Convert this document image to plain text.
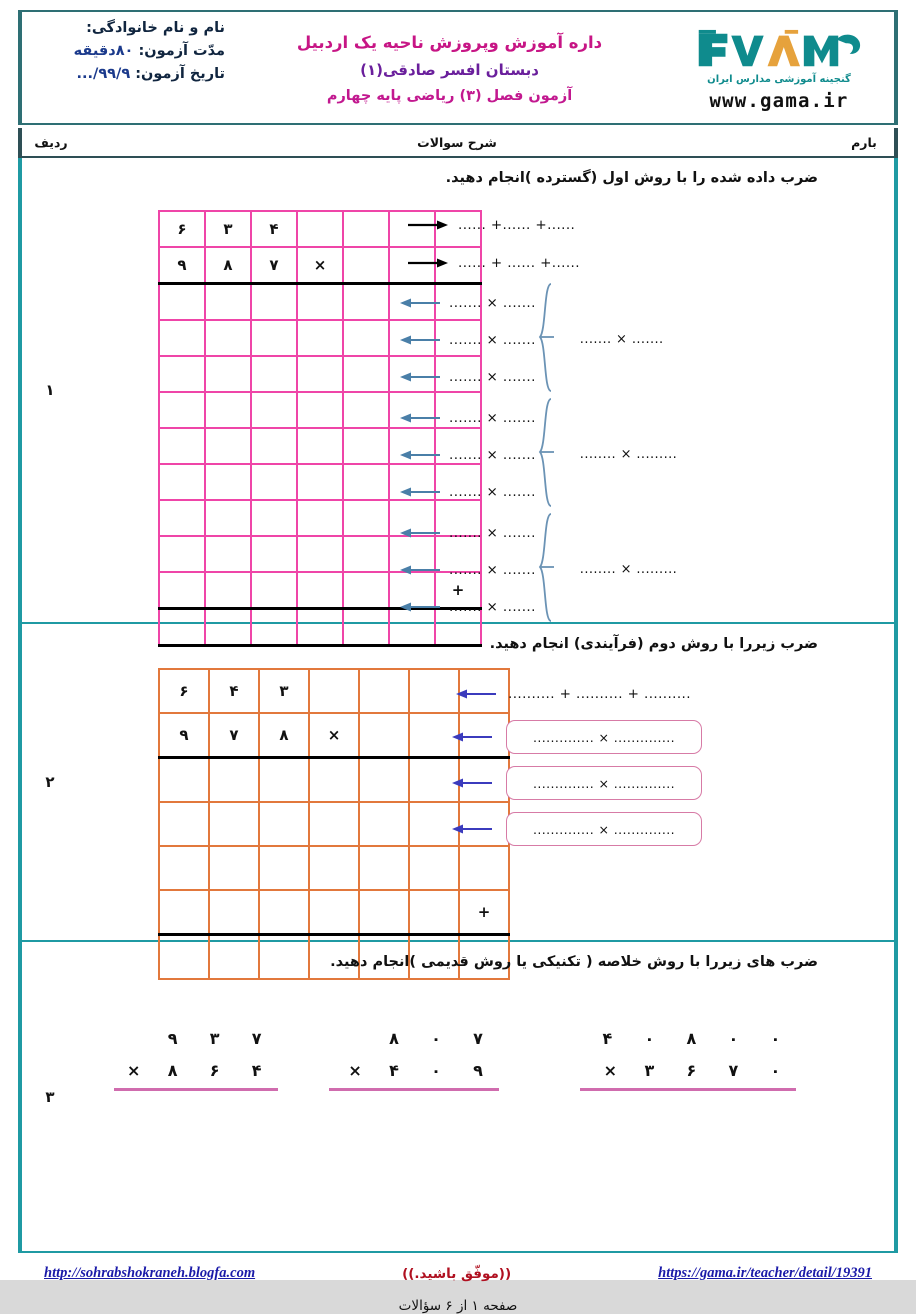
نام و نام خانوادگی:
مدّت آزمون: ۸۰دقیقه
تاریخ آزمون: ۹۹/۹/...
داره آموزش وپروزش ناحیه یک اردبیل
دبستان افسر صادقی(۱)
آزمون فصل (۳) ریاضی پایه چهارم
گنجینه آموزشی مدارس ایران
www.gama.ir
ردیف	شرح سوالات	بارم
۱
ضرب داده شده را با روش اول (گسترده )انجام دهید.
				۴	۳	۶
			×	۷	۸	۹

+						

...... +...... +......
...... + ...... +......
....... × .......
....... × .......
....... × .......
....... × .......
....... × .......
....... × .......
....... × .......
........ × .........
....... × .......
....... × .......
....... × .......
........ × .........
۲
ضرب زیررا با روش دوم (فرآیندی) انجام دهید.
				۳	۴	۶
			×	۸	۷	۹

+						

.......... + .......... + ..........
.............. × ..............
.............. × ..............
.............. × ..............
۳
ضرب های زیررا با روش خلاصه ( تکنیکی یا روش قدیمی )انجام دهید.
۹	۳	۷
×	۸	۶	۴
۸	۰	۷
×	۴	۰	۹
۴	۰	۸	۰	۰
×	۳	۶	۷	۰
http://sohrabshokraneh.blogfa.com	((موفّق باشید.))	https://gama.ir/teacher/detail/19391
صفحه ۱ از ۶ سؤالات
